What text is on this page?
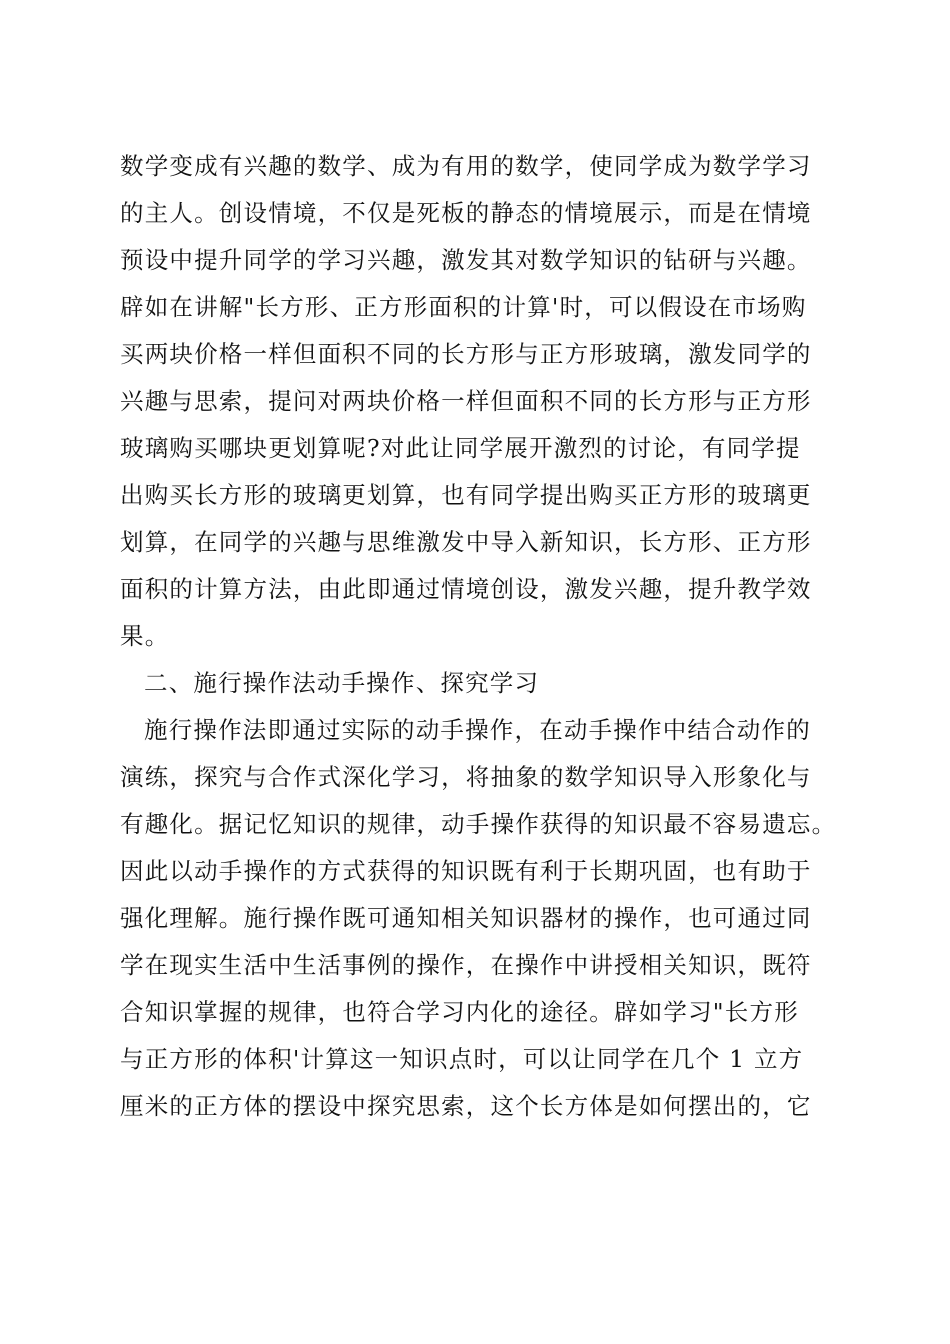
数学变成有兴趣的数学、成为有用的数学，使同学成为数学学习
的主人。创设情境，不仅是死板的静态的情境展示，而是在情境
预设中提升同学的学习兴趣，激发其对数学知识的钻研与兴趣。
辟如在讲解"长方形、正方形面积的计算'时，可以假设在市场购
买两块价格一样但面积不同的长方形与正方形玻璃，激发同学的
兴趣与思索，提问对两块价格一样但面积不同的长方形与正方形
玻璃购买哪块更划算呢?对此让同学展开激烈的讨论，有同学提
出购买长方形的玻璃更划算，也有同学提出购买正方形的玻璃更
划算，在同学的兴趣与思维激发中导入新知识，长方形、正方形
面积的计算方法，由此即通过情境创设，激发兴趣，提升教学效
果。
二、施行操作法动手操作、探究学习
施行操作法即通过实际的动手操作，在动手操作中结合动作的
演练，探究与合作式深化学习，将抽象的数学知识导入形象化与
有趣化。据记忆知识的规律，动手操作获得的知识最不容易遗忘。
因此以动手操作的方式获得的知识既有利于长期巩固，也有助于
强化理解。施行操作既可通知相关知识器材的操作，也可通过同
学在现实生活中生活事例的操作，在操作中讲授相关知识，既符
合知识掌握的规律，也符合学习内化的途径。辟如学习"长方形
与正方形的体积'计算这一知识点时，可以让同学在几个 1 立方
厘米的正方体的摆设中探究思索，这个长方体是如何摆出的，它
